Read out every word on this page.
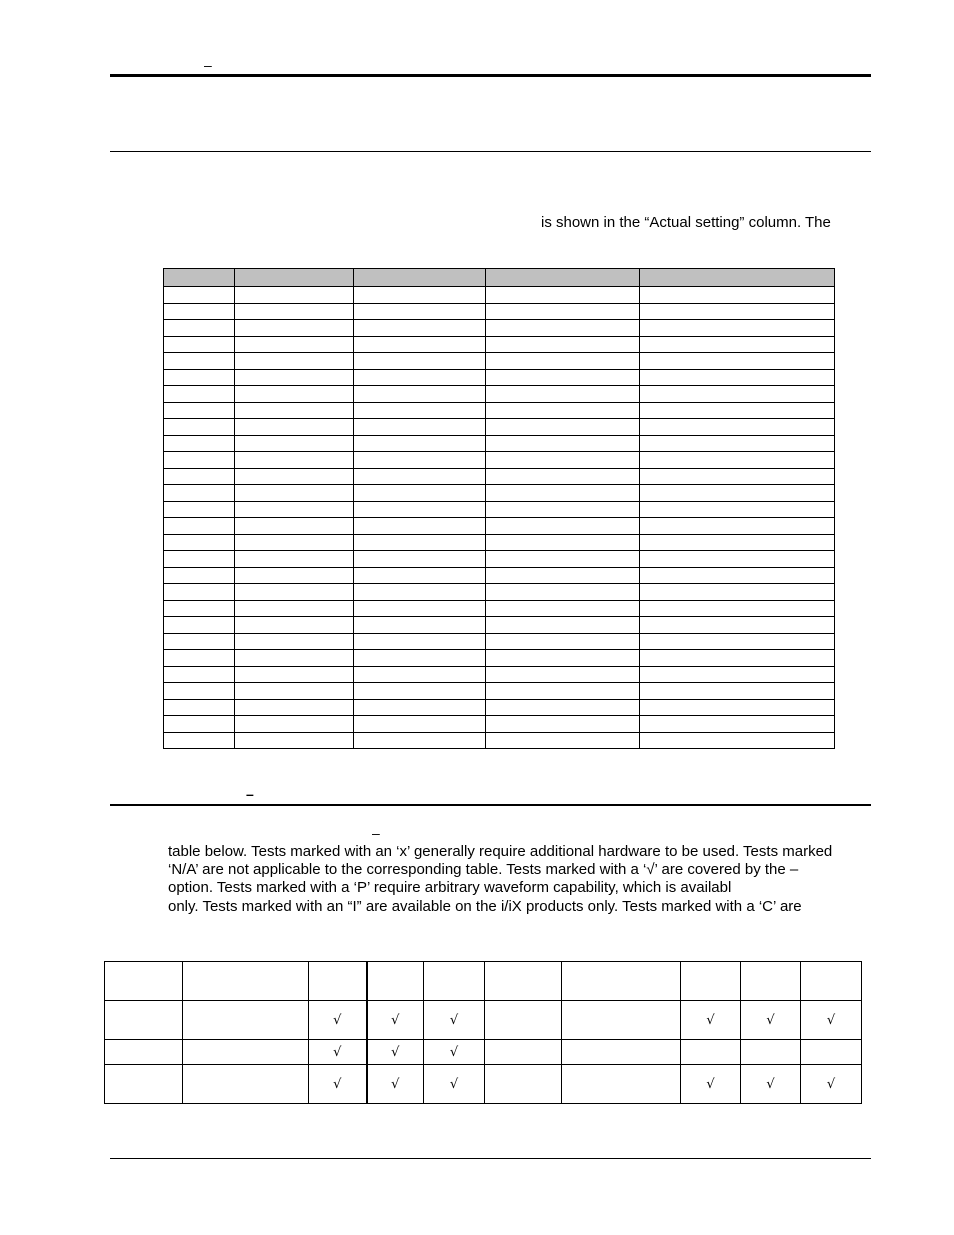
–
is shown in the “Actual setting” column. The

–
–
table below. Tests marked with an ‘x’ generally require additional hardware to be used. Tests marked
‘N/A’ are not applicable to the corresponding table. Tests marked with a ‘√’ are covered by the –
option. Tests marked with a ‘P’ require arbitrary waveform capability, which is availabl
only. Tests marked with an “I” are available on the i/iX products only. Tests marked with a ‘C’ are

		√	√	√			√	√	√
		√	√	√					
		√	√	√			√	√	√
